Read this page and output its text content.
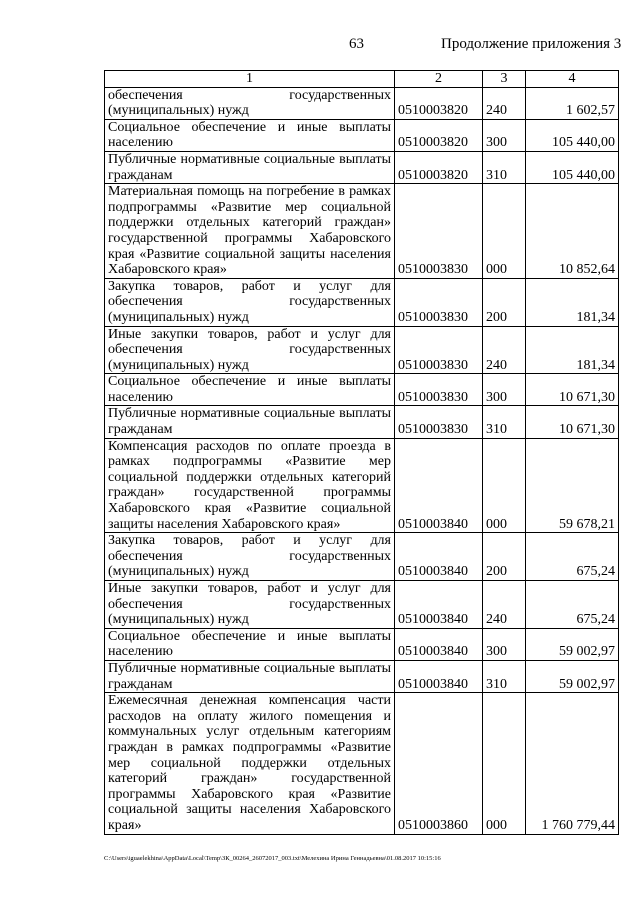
63	Продолжение приложения 3
1	2	3	4
обеспечения государственных (муниципальных) нужд	0510003820	240	1 602,57
Социальное обеспечение и иные выплаты населению	0510003820	300	105 440,00
Публичные нормативные социальные выплаты гражданам	0510003820	310	105 440,00
Материальная помощь на погребение в рамках подпрограммы «Развитие мер социальной поддержки отдельных категорий граждан» государственной программы Хабаровского края «Развитие социальной защиты населения Хабаровского края»	0510003830	000	10 852,64
Закупка товаров, работ и услуг для обеспечения государственных (муниципальных) нужд	0510003830	200	181,34
Иные закупки товаров, работ и услуг для обеспечения государственных (муниципальных) нужд	0510003830	240	181,34
Социальное обеспечение и иные выплаты населению	0510003830	300	10 671,30
Публичные нормативные социальные выплаты гражданам	0510003830	310	10 671,30
Компенсация расходов по оплате проезда в рамках подпрограммы «Развитие мер социальной поддержки отдельных категорий граждан» государственной программы Хабаровского края «Развитие социальной защиты населения Хабаровского края»	0510003840	000	59 678,21
Закупка товаров, работ и услуг для обеспечения государственных (муниципальных) нужд	0510003840	200	675,24
Иные закупки товаров, работ и услуг для обеспечения государственных (муниципальных) нужд	0510003840	240	675,24
Социальное обеспечение и иные выплаты населению	0510003840	300	59 002,97
Публичные нормативные социальные выплаты гражданам	0510003840	310	59 002,97
Ежемесячная денежная компенсация части расходов на оплату жилого помещения и коммунальных услуг отдельным категориям граждан в рамках подпрограммы «Развитие мер социальной поддержки отдельных категорий граждан» государственной программы Хабаровского края «Развитие социальной защиты населения Хабаровского края»	0510003860	000	1 760 779,44
C:\Users\iguaelekhina\AppData\Local\Temp\ЗК_00264_26072017_003.txt\Мелехина Ирина Геннадьевна\01.08.2017 10:15:16
